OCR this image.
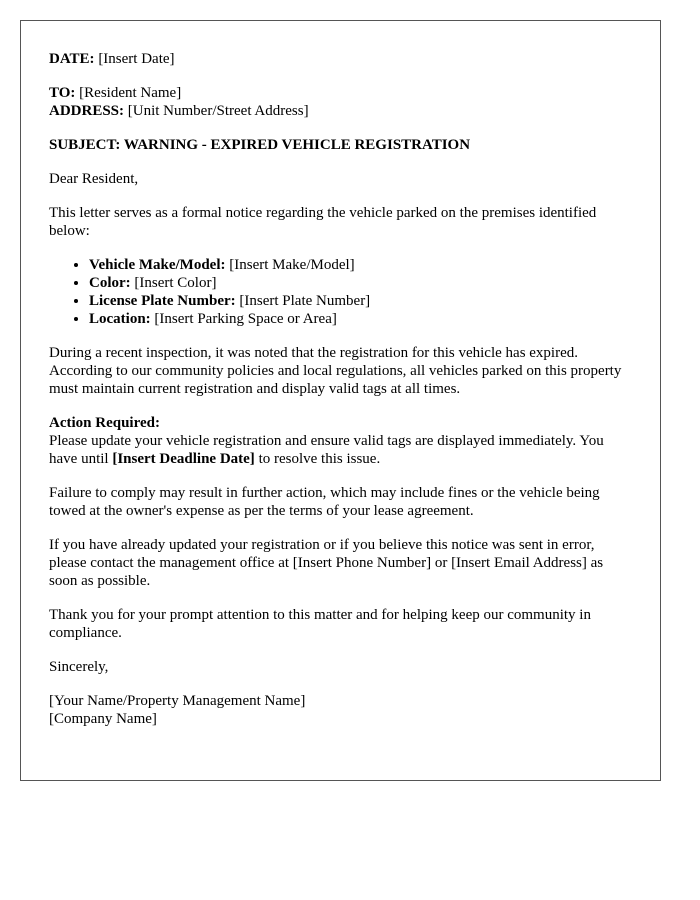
DATE: [Insert Date]

TO: [Resident Name]

ADDRESS: [Unit Number/Street Address]

SUBJECT: WARNING - EXPIRED VEHICLE REGISTRATION

Dear Resident,

This letter serves as a formal notice regarding the vehicle parked on the premises identified below:

• Vehicle Make/Model: [Insert Make/Model]
• Color: [Insert Color]
• License Plate Number: [Insert Plate Number]
• Location: [Insert Parking Space or Area]

During a recent inspection, it was noted that the registration for this vehicle has expired. According to our community policies and local regulations, all vehicles parked on this property must maintain current registration and display valid tags at all times.

Action Required:
Please update your vehicle registration and ensure valid tags are displayed immediately. You have until [Insert Deadline Date] to resolve this issue.

Failure to comply may result in further action, which may include fines or the vehicle being towed at the owner's expense as per the terms of your lease agreement.

If you have already updated your registration or if you believe this notice was sent in error, please contact the management office at [Insert Phone Number] or [Insert Email Address] as soon as possible.

Thank you for your prompt attention to this matter and for helping keep our community in compliance.

Sincerely,

[Your Name/Property Management Name]

[Company Name]
